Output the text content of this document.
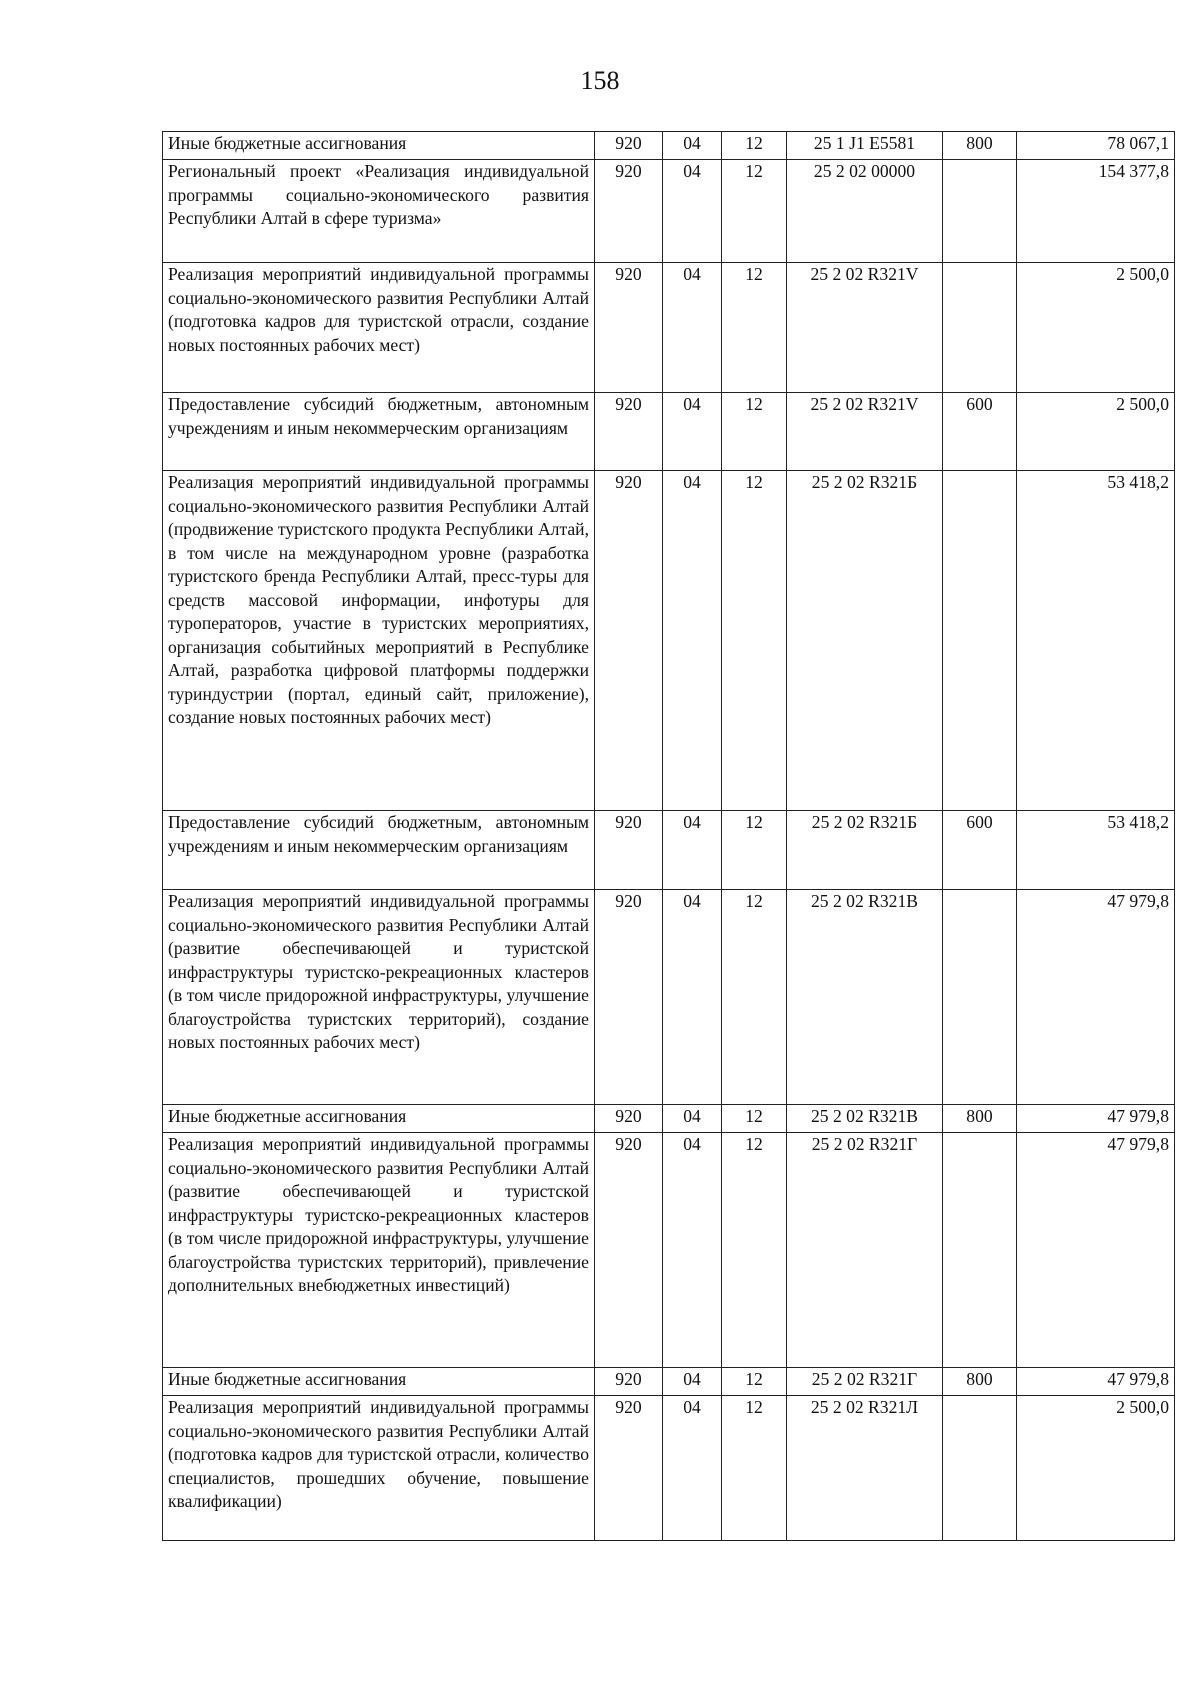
158
Иные бюджетные ассигнования	920	04	12	25 1 J1 E5581	800	78 067,1
Региональный проект «Реализация индивидуальной программы социально-экономического развития Республики Алтай в сфере туризма»	920	04	12	25 2 02 00000		154 377,8
Реализация мероприятий индивидуальной программы социально-экономического развития Республики Алтай (подготовка кадров для туристской отрасли, создание новых постоянных рабочих мест)	920	04	12	25 2 02 R321V		2 500,0
Предоставление субсидий бюджетным, автономным учреждениям и иным некоммерческим организациям	920	04	12	25 2 02 R321V	600	2 500,0
Реализация мероприятий индивидуальной программы социально-экономического развития Республики Алтай (продвижение туристского продукта Республики Алтай, в том числе на международном уровне (разработка туристского бренда Республики Алтай, пресс-туры для средств массовой информации, инфотуры для туроператоров, участие в туристских мероприятиях, организация событийных мероприятий в Республике Алтай, разработка цифровой платформы поддержки туриндустрии (портал, единый сайт, приложение), создание новых постоянных рабочих мест)	920	04	12	25 2 02 R321Б		53 418,2
Предоставление субсидий бюджетным, автономным учреждениям и иным некоммерческим организациям	920	04	12	25 2 02 R321Б	600	53 418,2
Реализация мероприятий индивидуальной программы социально-экономического развития Республики Алтай (развитие обеспечивающей и туристской инфраструктуры туристско-рекреационных кластеров (в том числе придорожной инфраструктуры, улучшение благоустройства туристских территорий), создание новых постоянных рабочих мест)	920	04	12	25 2 02 R321B		47 979,8
Иные бюджетные ассигнования	920	04	12	25 2 02 R321B	800	47 979,8
Реализация мероприятий индивидуальной программы социально-экономического развития Республики Алтай (развитие обеспечивающей и туристской инфраструктуры туристско-рекреационных кластеров (в том числе придорожной инфраструктуры, улучшение благоустройства туристских территорий), привлечение дополнительных внебюджетных инвестиций)	920	04	12	25 2 02 R321Г		47 979,8
Иные бюджетные ассигнования	920	04	12	25 2 02 R321Г	800	47 979,8
Реализация мероприятий индивидуальной программы социально-экономического развития Республики Алтай (подготовка кадров для туристской отрасли, количество специалистов, прошедших обучение, повышение квалификации)	920	04	12	25 2 02 R321Л		2 500,0
